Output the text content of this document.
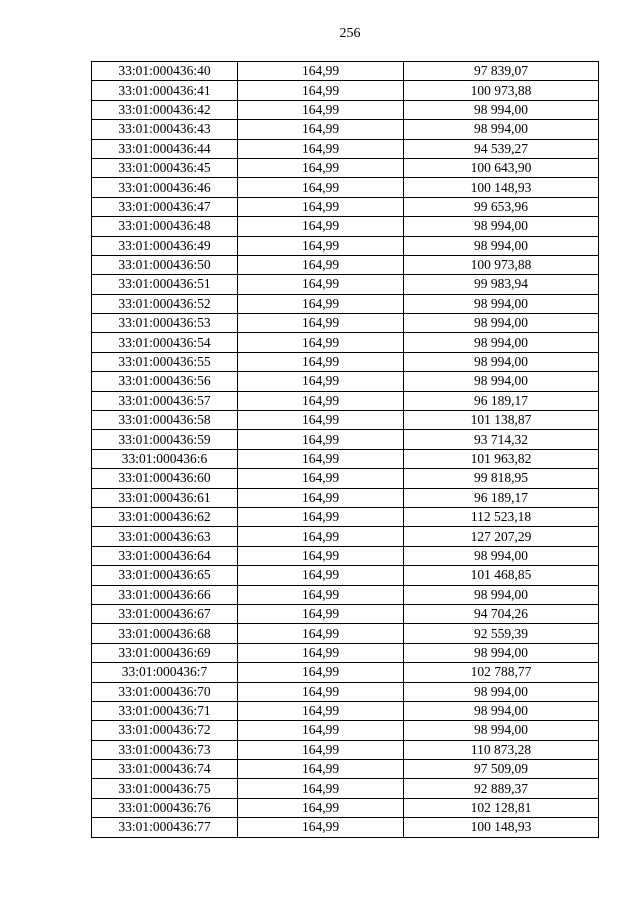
256
33:01:000436:40	164,99	97 839,07
33:01:000436:41	164,99	100 973,88
33:01:000436:42	164,99	98 994,00
33:01:000436:43	164,99	98 994,00
33:01:000436:44	164,99	94 539,27
33:01:000436:45	164,99	100 643,90
33:01:000436:46	164,99	100 148,93
33:01:000436:47	164,99	99 653,96
33:01:000436:48	164,99	98 994,00
33:01:000436:49	164,99	98 994,00
33:01:000436:50	164,99	100 973,88
33:01:000436:51	164,99	99 983,94
33:01:000436:52	164,99	98 994,00
33:01:000436:53	164,99	98 994,00
33:01:000436:54	164,99	98 994,00
33:01:000436:55	164,99	98 994,00
33:01:000436:56	164,99	98 994,00
33:01:000436:57	164,99	96 189,17
33:01:000436:58	164,99	101 138,87
33:01:000436:59	164,99	93 714,32
33:01:000436:6	164,99	101 963,82
33:01:000436:60	164,99	99 818,95
33:01:000436:61	164,99	96 189,17
33:01:000436:62	164,99	112 523,18
33:01:000436:63	164,99	127 207,29
33:01:000436:64	164,99	98 994,00
33:01:000436:65	164,99	101 468,85
33:01:000436:66	164,99	98 994,00
33:01:000436:67	164,99	94 704,26
33:01:000436:68	164,99	92 559,39
33:01:000436:69	164,99	98 994,00
33:01:000436:7	164,99	102 788,77
33:01:000436:70	164,99	98 994,00
33:01:000436:71	164,99	98 994,00
33:01:000436:72	164,99	98 994,00
33:01:000436:73	164,99	110 873,28
33:01:000436:74	164,99	97 509,09
33:01:000436:75	164,99	92 889,37
33:01:000436:76	164,99	102 128,81
33:01:000436:77	164,99	100 148,93
